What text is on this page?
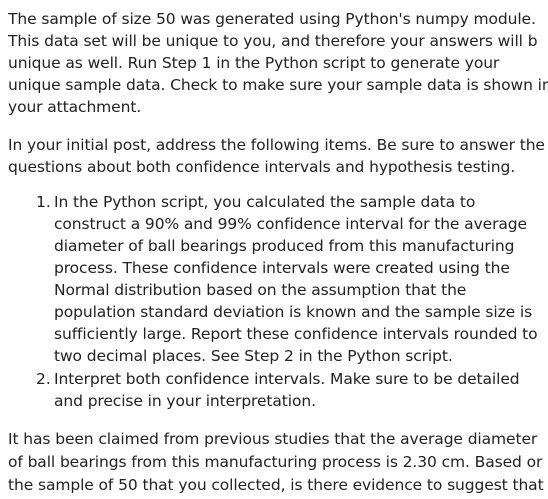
The sample of size 50 was generated using Python's numpy module.
This data set will be unique to you, and therefore your answers will b
unique as well. Run Step 1 in the Python script to generate your
unique sample data. Check to make sure your sample data is shown ir
your attachment.
In your initial post, address the following items. Be sure to answer the
questions about both confidence intervals and hypothesis testing.
1. In the Python script, you calculated the sample data to
construct a 90% and 99% confidence interval for the average
diameter of ball bearings produced from this manufacturing
process. These confidence intervals were created using the
Normal distribution based on the assumption that the
population standard deviation is known and the sample size is
sufficiently large. Report these confidence intervals rounded to
two decimal places. See Step 2 in the Python script.
2. Interpret both confidence intervals. Make sure to be detailed
and precise in your interpretation.
It has been claimed from previous studies that the average diameter
of ball bearings from this manufacturing process is 2.30 cm. Based or
the sample of 50 that you collected, is there evidence to suggest that
